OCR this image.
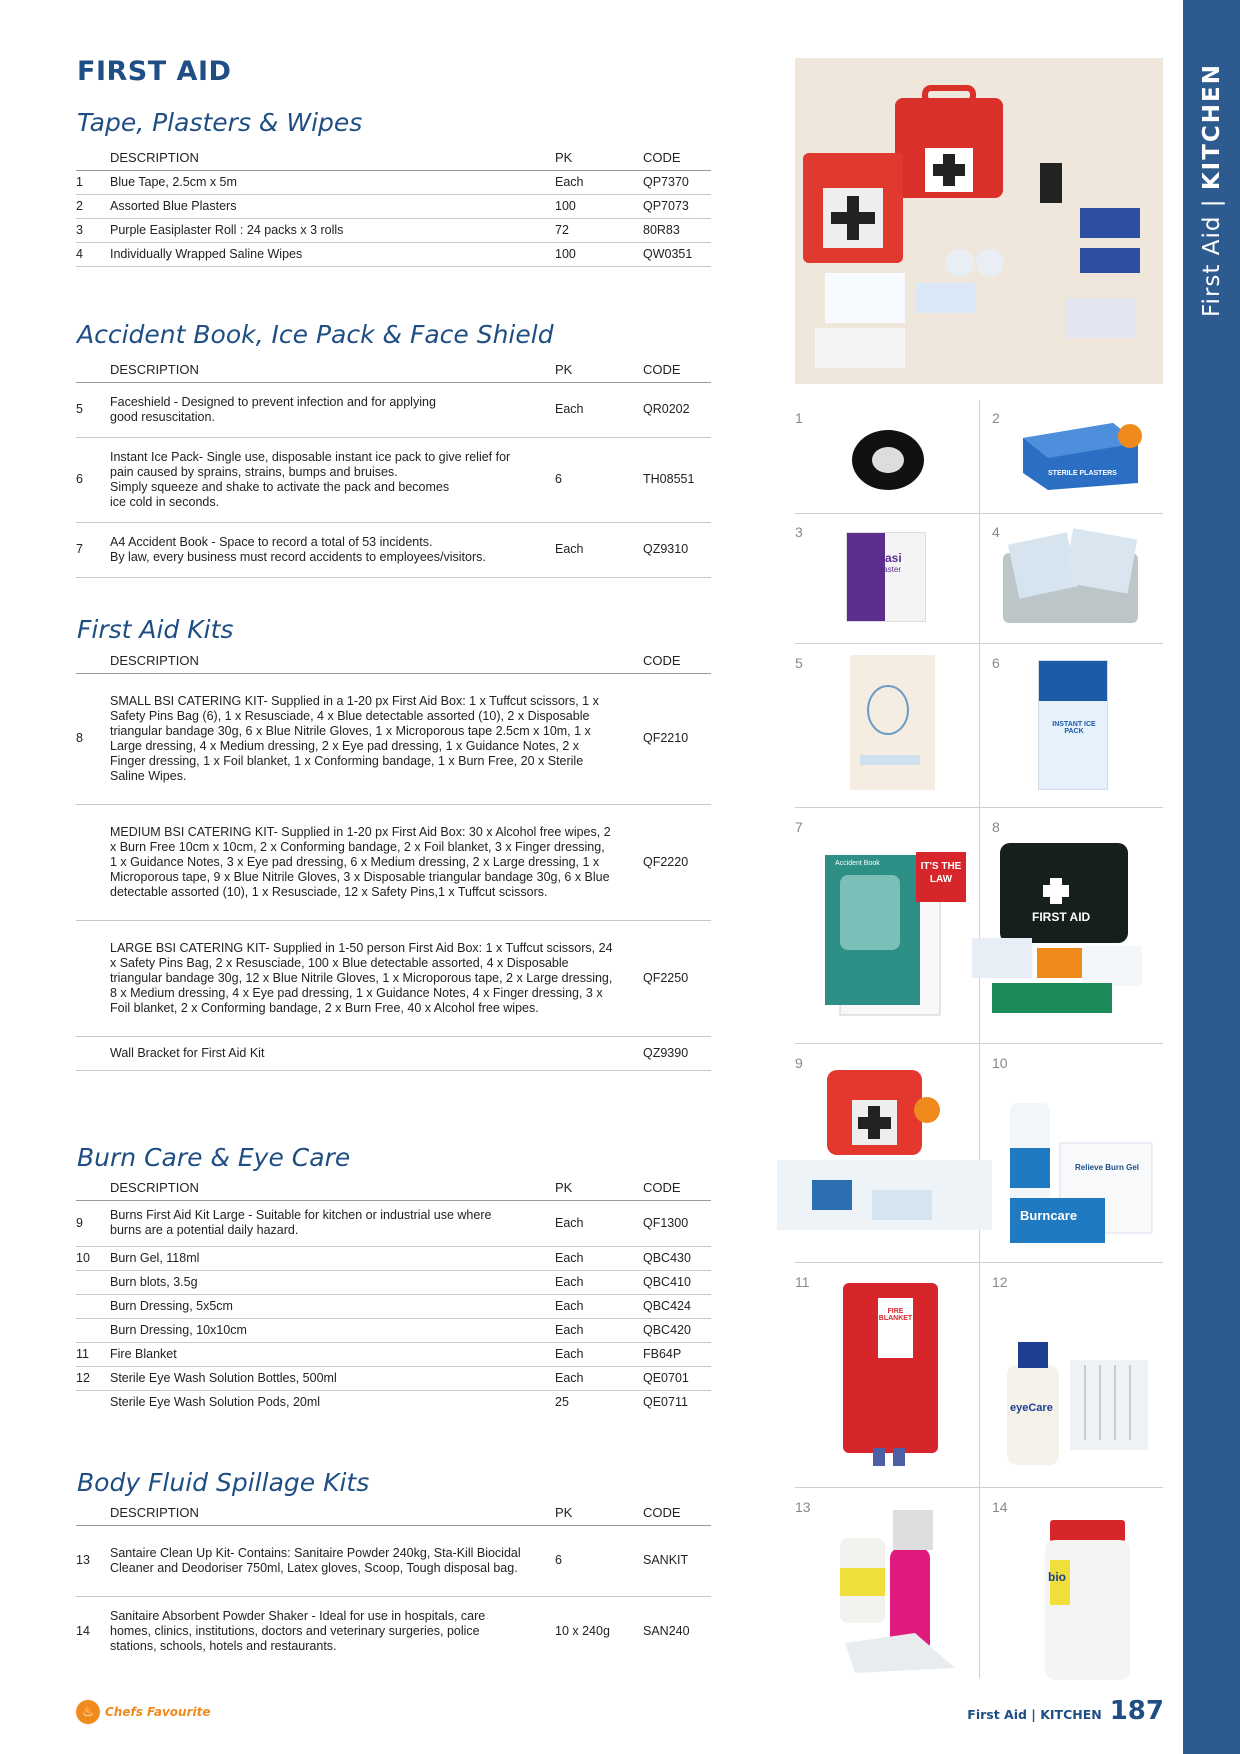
FIRST AID
Tape, Plasters & Wipes
	DESCRIPTION	PK	CODE
1	Blue Tape, 2.5cm x 5m	Each	QP7370
2	Assorted Blue Plasters	100	QP7073
3	Purple Easiplaster Roll : 24 packs x 3 rolls	72	80R83
4	Individually Wrapped Saline Wipes	100	QW0351
Accident Book, Ice Pack & Face Shield
	DESCRIPTION	PK	CODE
5	Faceshield - Designed to prevent infection and for applying
good resuscitation.	Each	QR0202
6	Instant Ice Pack- Single use, disposable instant ice pack to give relief for
pain caused by sprains, strains, bumps and bruises.
Simply squeeze and shake to activate the pack and becomes
ice cold in seconds.	6	TH08551
7	A4 Accident Book - Space to record a total of 53 incidents.
By law, every business must record accidents to employees/visitors.	Each	QZ9310
First Aid Kits
	DESCRIPTION	CODE
8	SMALL BSI CATERING KIT- Supplied in a 1-20 px First Aid Box: 1 x Tuffcut scissors, 1 x Safety Pins Bag (6), 1 x Resusciade, 4 x Blue detectable assorted (10), 2 x Disposable triangular bandage 30g, 6 x Blue Nitrile Gloves, 1 x Microporous tape 2.5cm x 10m, 1 x Large dressing, 4 x Medium dressing, 2 x Eye pad dressing, 1 x Guidance Notes, 2 x Finger dressing, 1 x Foil blanket, 1 x Conforming bandage, 1 x Burn Free, 20 x Sterile Saline Wipes.	QF2210
	MEDIUM BSI CATERING KIT- Supplied in 1-20 px First Aid Box: 30 x Alcohol free wipes, 2 x Burn Free 10cm x 10cm, 2 x Conforming bandage, 2 x Foil blanket, 3 x Finger dressing, 1 x Guidance Notes, 3 x Eye pad dressing, 6 x Medium dressing, 2 x Large dressing, 1 x Microporous tape, 9 x Blue Nitrile Gloves, 3 x Disposable triangular bandage 30g, 6 x Blue detectable assorted (10), 1 x Resusciade, 12 x Safety Pins,1 x Tuffcut scissors.	QF2220
	LARGE BSI CATERING KIT- Supplied in 1-50 person First Aid Box: 1 x Tuffcut scissors, 24 x Safety Pins Bag, 2 x Resusciade, 100 x Blue detectable assorted, 4 x Disposable triangular bandage 30g, 12 x Blue Nitrile Gloves, 1 x Microporous tape, 2 x Large dressing, 8 x Medium dressing, 4 x Eye pad dressing, 1 x Guidance Notes, 4 x Finger dressing, 3 x Foil blanket, 2 x Conforming bandage, 2 x Burn Free, 40 x Alcohol free wipes.	QF2250
	Wall Bracket for First Aid Kit	QZ9390
Burn Care & Eye Care
	DESCRIPTION	PK	CODE
9	Burns First Aid Kit Large - Suitable for kitchen or industrial use where
burns are a potential daily hazard.	Each	QF1300
10	Burn Gel, 118ml	Each	QBC430
	Burn blots, 3.5g	Each	QBC410
	Burn Dressing, 5x5cm	Each	QBC424
	Burn Dressing, 10x10cm	Each	QBC420
11	Fire Blanket	Each	FB64P
12	Sterile Eye Wash Solution Bottles, 500ml	Each	QE0701
	Sterile Eye Wash Solution Pods, 20ml	25	QE0711
Body Fluid Spillage Kits
	DESCRIPTION	PK	CODE
13	Santaire Clean Up Kit- Contains: Sanitaire Powder 240kg, Sta-Kill Biocidal
Cleaner and Deodoriser 750ml, Latex gloves, Scoop, Tough disposal bag.	6	SANKIT
14	Sanitaire Absorbent Powder Shaker - Ideal for use in hospitals, care
homes, clinics, institutions, doctors and veterinary surgeries, police
stations, schools, hotels and restaurants.	10 x 240g	SAN240
1	2
3	4
5	6
7	8
9	10
11	12
13	14
STERILE PLASTERS
Easi
plaster
INSTANT ICE PACK
IT'S THE LAW
Accident Book
FIRST AID
Burncare
Relieve Burn Gel
FIRE BLANKET
eyeCare
bio
First Aid | KITCHEN
♨ Chefs Favourite	First Aid | KITCHEN 187
